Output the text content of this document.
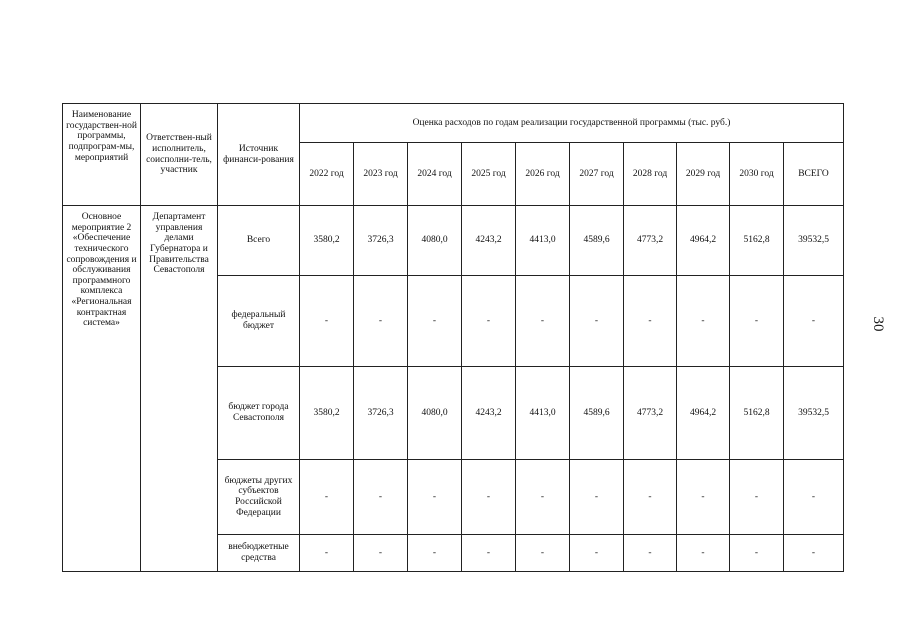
Наименование государствен-ной программы, подпрограм-мы, мероприятий	Ответствен-ный исполнитель, соисполни-тель, участник	Источник финанси-рования	Оценка расходов по годам реализации государственной программы (тыс. руб.)									
			2022 год	2023 год	2024 год	2025 год	2026 год	2027 год	2028 год	2029 год	2030 год	ВСЕГО
Основное мероприятие 2 «Обеспечение технического сопровождения и обслуживания программного комплекса «Региональная контрактная система»	Департамент управления делами Губернатора и Правительства Севастополя	Всего	3580,2	3726,3	4080,0	4243,2	4413,0	4589,6	4773,2	4964,2	5162,8	39532,5
		федеральный бюджет	-	-	-	-	-	-	-	-	-	-
		бюджет города Севастополя	3580,2	3726,3	4080,0	4243,2	4413,0	4589,6	4773,2	4964,2	5162,8	39532,5
		бюджеты других субъектов Российской Федерации	-	-	-	-	-	-	-	-	-	-
		внебюджетные средства	-	-	-	-	-	-	-	-	-	-
30
